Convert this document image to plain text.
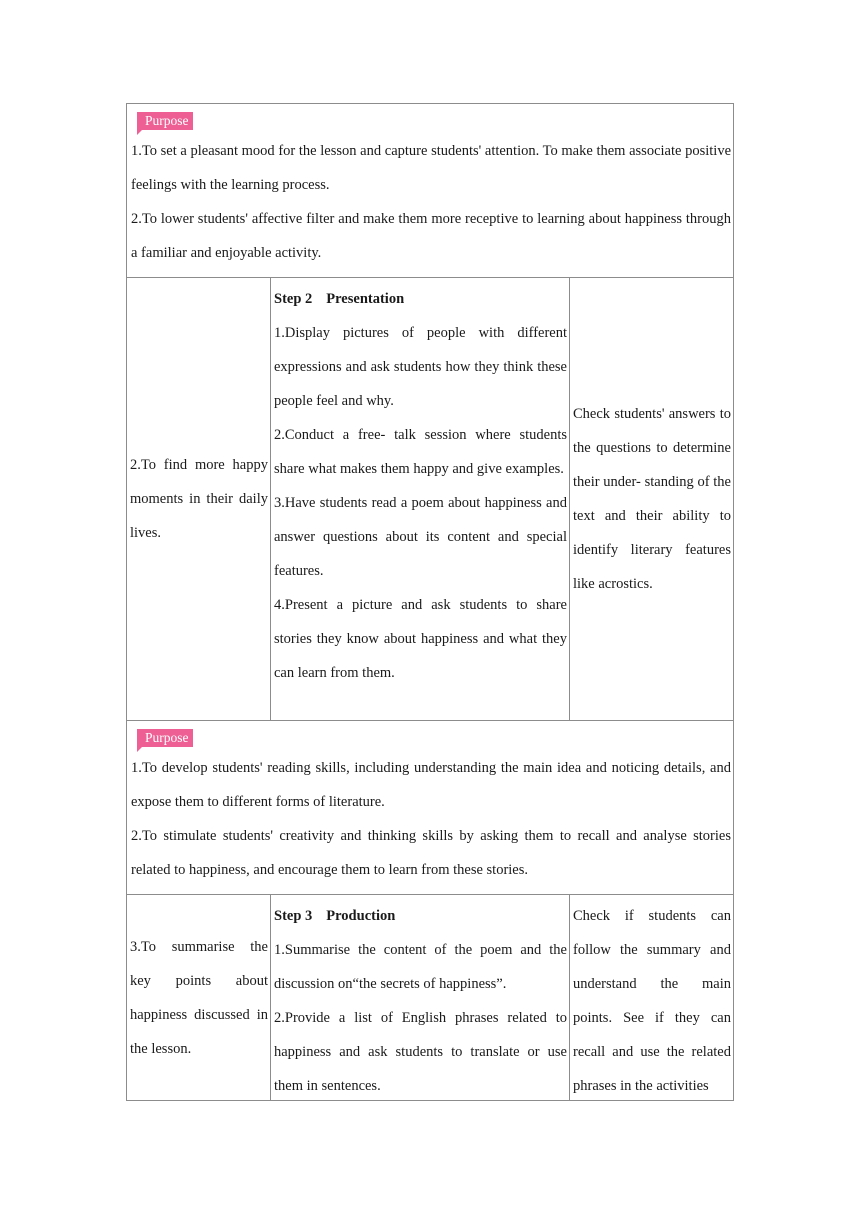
Purpose

1.To set a pleasant mood for the lesson and capture students' attention. To make them associate positive feelings with the learning process.

2.To lower students' affective filter and make them more receptive to learning about happiness through a familiar and enjoyable activity.

2.To find more happy moments in their daily lives.
Step 2 Presentation
1.Display pictures of people with different expressions and ask students how they think these people feel and why.
2.Conduct a free- talk session where students share what makes them happy and give examples.
3.Have students read a poem about happiness and answer questions about its content and special features.
4.Present a picture and ask students to share stories they know about happiness and what they can learn from them.
Check students' answers to the questions to determine their under- standing of the text and their ability to identify literary features like acrostics.
Purpose

1.To develop students' reading skills, including understanding the main idea and noticing details, and expose them to different forms of literature.

2.To stimulate students' creativity and thinking skills by asking them to recall and analyse stories related to happiness, and encourage them to learn from these stories.

3.To summarise the key points about happiness discussed in the lesson.
Step 3 Production
1.Summarise the content of the poem and the discussion on“the secrets of happiness”.
2.Provide a list of English phrases related to happiness and ask students to translate or use them in sentences.
Check if students can follow the summary and understand the main points. See if they can recall and use the related phrases in the activities
